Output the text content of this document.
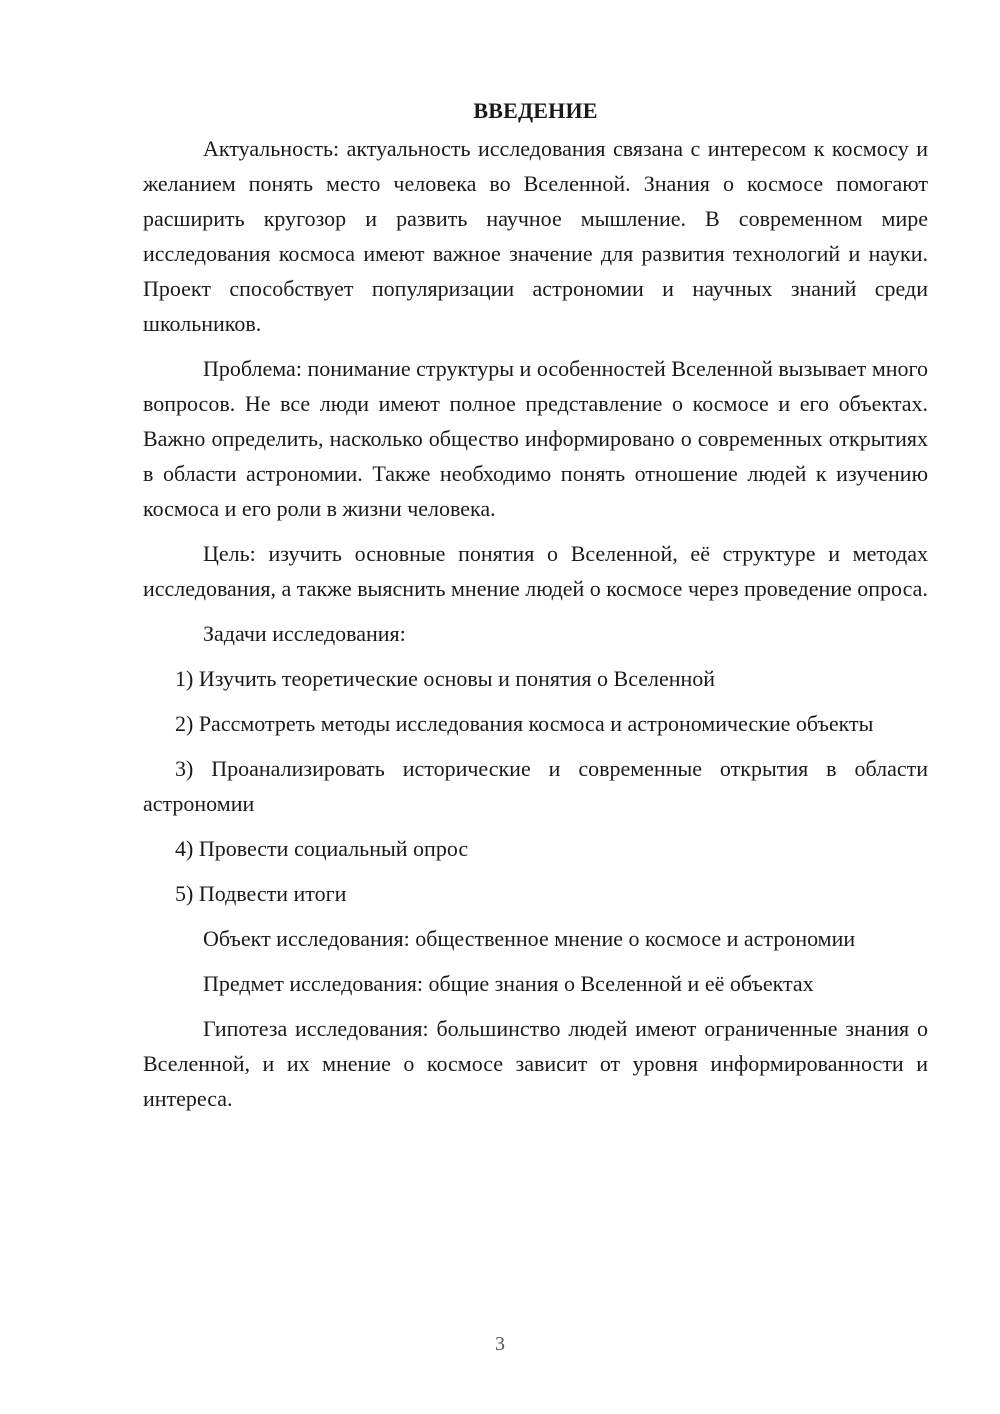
ВВЕДЕНИЕ

Актуальность: актуальность исследования связана с интересом к космосу и желанием понять место человека во Вселенной. Знания о космосе помогают расширить кругозор и развить научное мышление. В современном мире исследования космоса имеют важное значение для развития технологий и науки. Проект способствует популяризации астрономии и научных знаний среди школьников.

Проблема: понимание структуры и особенностей Вселенной вызывает много вопросов. Не все люди имеют полное представление о космосе и его объектах. Важно определить, насколько общество информировано о современных открытиях в области астрономии. Также необходимо понять отношение людей к изучению космоса и его роли в жизни человека.

Цель: изучить основные понятия о Вселенной, её структуре и методах исследования, а также выяснить мнение людей о космосе через проведение опроса.

Задачи исследования:

1) Изучить теоретические основы и понятия о Вселенной

2) Рассмотреть методы исследования космоса и астрономические объекты

3) Проанализировать исторические и современные открытия в области астрономии

4) Провести социальный опрос

5) Подвести итоги

Объект исследования: общественное мнение о космосе и астрономии

Предмет исследования: общие знания о Вселенной и её объектах

Гипотеза исследования: большинство людей имеют ограниченные знания о Вселенной, и их мнение о космосе зависит от уровня информированности и интереса.

3
